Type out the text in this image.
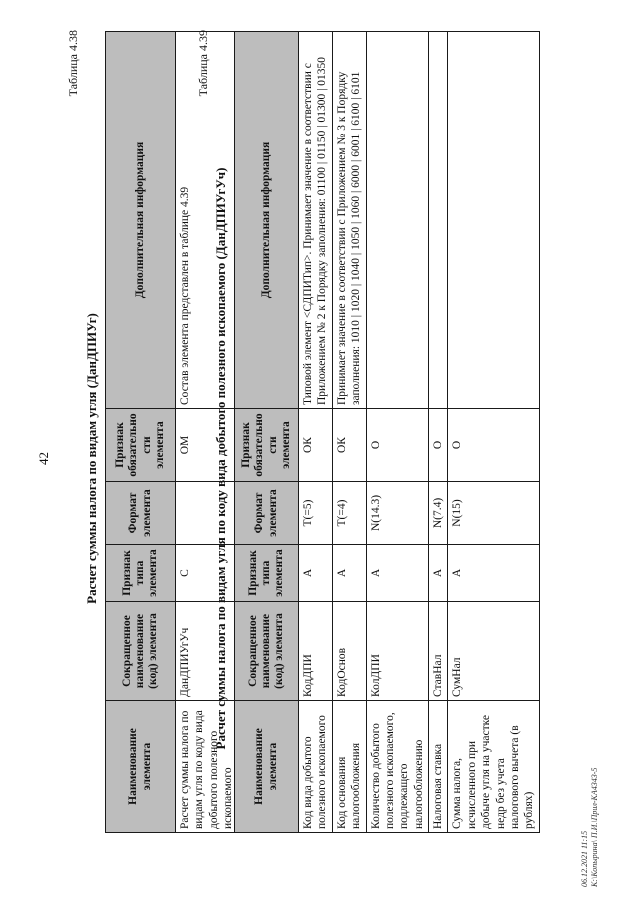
42
Таблица 4.38
Расчет суммы налога по видам угля (ДанДПИУг)
Наименование элемента	Сокращенное наименование (код) элемента	Признак типа элемента	Формат элемента	Признак обязательности элемента	Дополнительная информация
Расчет суммы налога по видам угля по коду вида добытого полезного ископаемого	ДанДПИУгУч	С		ОМ	Состав элемента представлен в таблице 4.39
Таблица 4.39
Расчет суммы налога по видам угля по коду вида добытого полезного ископаемого (ДанДПИУгУч)
Наименование элемента	Сокращенное наименование (код) элемента	Признак типа элемента	Формат элемента	Признак обязательности элемента	Дополнительная информация
Код вида добытого полезного ископаемого	КодДПИ	А	Т(=5)	ОК	Типовой элемент <СДПИТип>. Принимает значение в соответствии с Приложением № 2 к Порядку заполнения: 01100 | 01150 | 01300 | 01350
Код основания налогообложения	КодОснов	А	Т(=4)	ОК	Принимает значение в соответствии с Приложением № 3 к Порядку заполнения: 1010 | 1020 | 1040 | 1050 | 1060 | 6000 | 6001 | 6100 | 6101
Количество добытого полезного ископаемого, подлежащего налогообложению	КолДПИ	А	N(14.3)	О	
Налоговая ставка	СтавНал	А	N(7.4)	О	
Сумма налога, исчисленного при добыче угля на участке недр без учета налогового вычета (в рублях)	СумНал	А	N(15)	О	
06.12.2021 11:15 К:\Копырина\ П.И.\Прил-КА4343-5
